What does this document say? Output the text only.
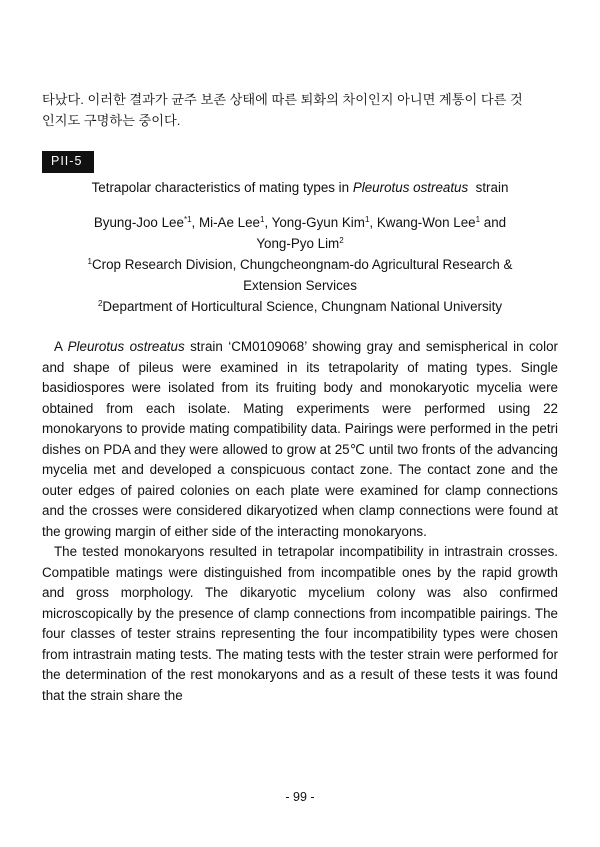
타났다. 이러한 결과가 균주 보존 상태에 따른 퇴화의 차이인지 아니면 계통이 다른 것

인지도 구명하는 중이다.

PII-5
Tetrapolar characteristics of mating types in Pleurotus ostreatus  strain

Byung-Joo Lee$^{*1}$, Mi-Ae Lee$^1$, Yong-Gyun Kim$^1$, Kwang-Won Lee$^1$ and

Yong-Pyo Lim$^2$

$^1$Crop Research Division, Chungcheongnam-do Agricultural Research &

Extension Services

$^2$Department of Horticultural Science, Chungnam National University

A Pleurotus ostreatus strain ‘CM0109068’ showing gray and semispherical in color and shape of pileus were examined in its tetrapolarity of mating types. Single basidiospores were isolated from its fruiting body and monokaryotic mycelia were obtained from each isolate. Mating experiments were performed using 22 monokaryons to provide mating compatibility data. Pairings were performed in the petri dishes on PDA and they were allowed to grow at 25℃ until two fronts of the advancing mycelia met and developed a conspicuous contact zone. The contact zone and the outer edges of paired colonies on each plate were examined for clamp connections and the crosses were considered dikaryotized when clamp connections were found at the growing margin of either side of the interacting monokaryons.

The tested monokaryons resulted in tetrapolar incompatibility in intrastrain crosses. Compatible matings were distinguished from incompatible ones by the rapid growth and gross morphology. The dikaryotic mycelium colony was also confirmed microscopically by the presence of clamp connections from incompatible pairings. The four classes of tester strains representing the four incompatibility types were chosen from intrastrain mating tests. The mating tests with the tester strain were performed for the determination of the rest monokaryons and as a result of these tests it was found that the strain share the

- 99 -
